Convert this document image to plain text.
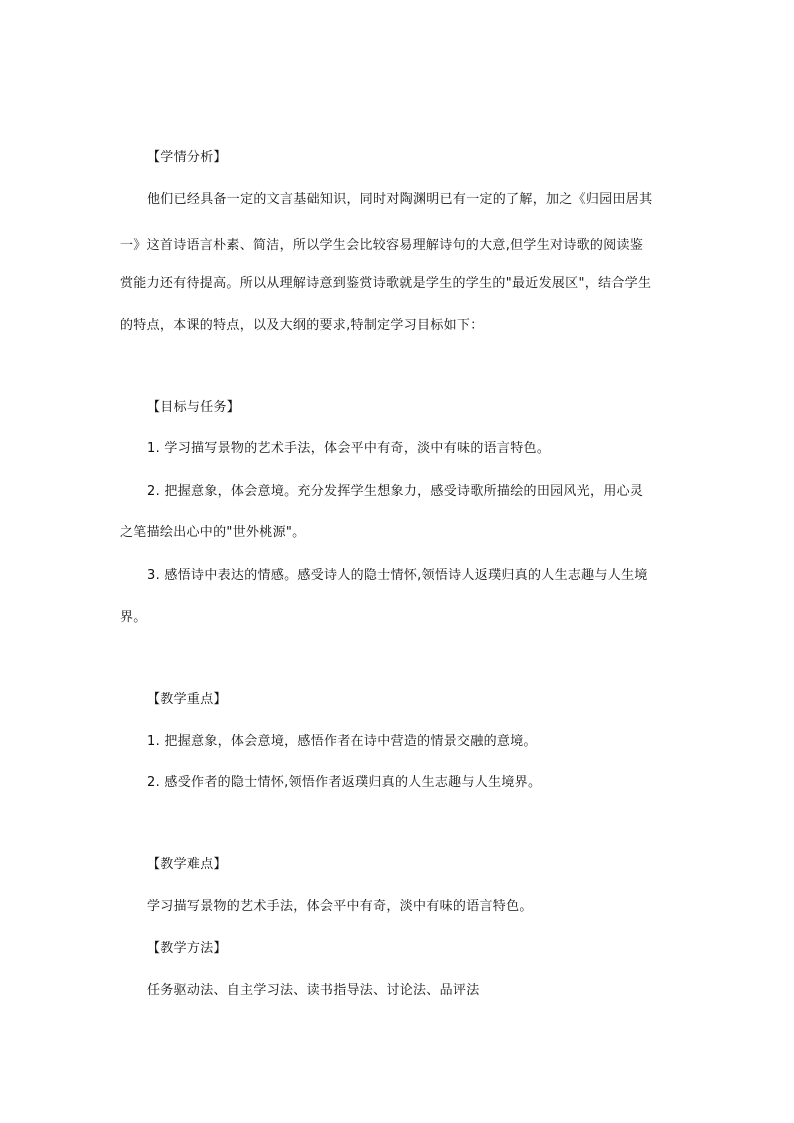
【学情分析】
他们已经具备一定的文言基础知识，同时对陶渊明已有一定的了解，加之《归园田居其
一》这首诗语言朴素、简洁，所以学生会比较容易理解诗句的大意,但学生对诗歌的阅读鉴
赏能力还有待提高。所以从理解诗意到鉴赏诗歌就是学生的学生的"最近发展区"，结合学生
的特点，本课的特点，以及大纲的要求,特制定学习目标如下：
【目标与任务】
1. 学习描写景物的艺术手法，体会平中有奇，淡中有味的语言特色。
2. 把握意象，体会意境。充分发挥学生想象力，感受诗歌所描绘的田园风光，用心灵
之笔描绘出心中的"世外桃源"。
3. 感悟诗中表达的情感。感受诗人的隐士情怀,领悟诗人返璞归真的人生志趣与人生境
界。
【教学重点】
1. 把握意象，体会意境，感悟作者在诗中营造的情景交融的意境。
2. 感受作者的隐士情怀,领悟作者返璞归真的人生志趣与人生境界。
【教学难点】
学习描写景物的艺术手法，体会平中有奇，淡中有味的语言特色。
【教学方法】
任务驱动法、自主学习法、读书指导法、讨论法、品评法
